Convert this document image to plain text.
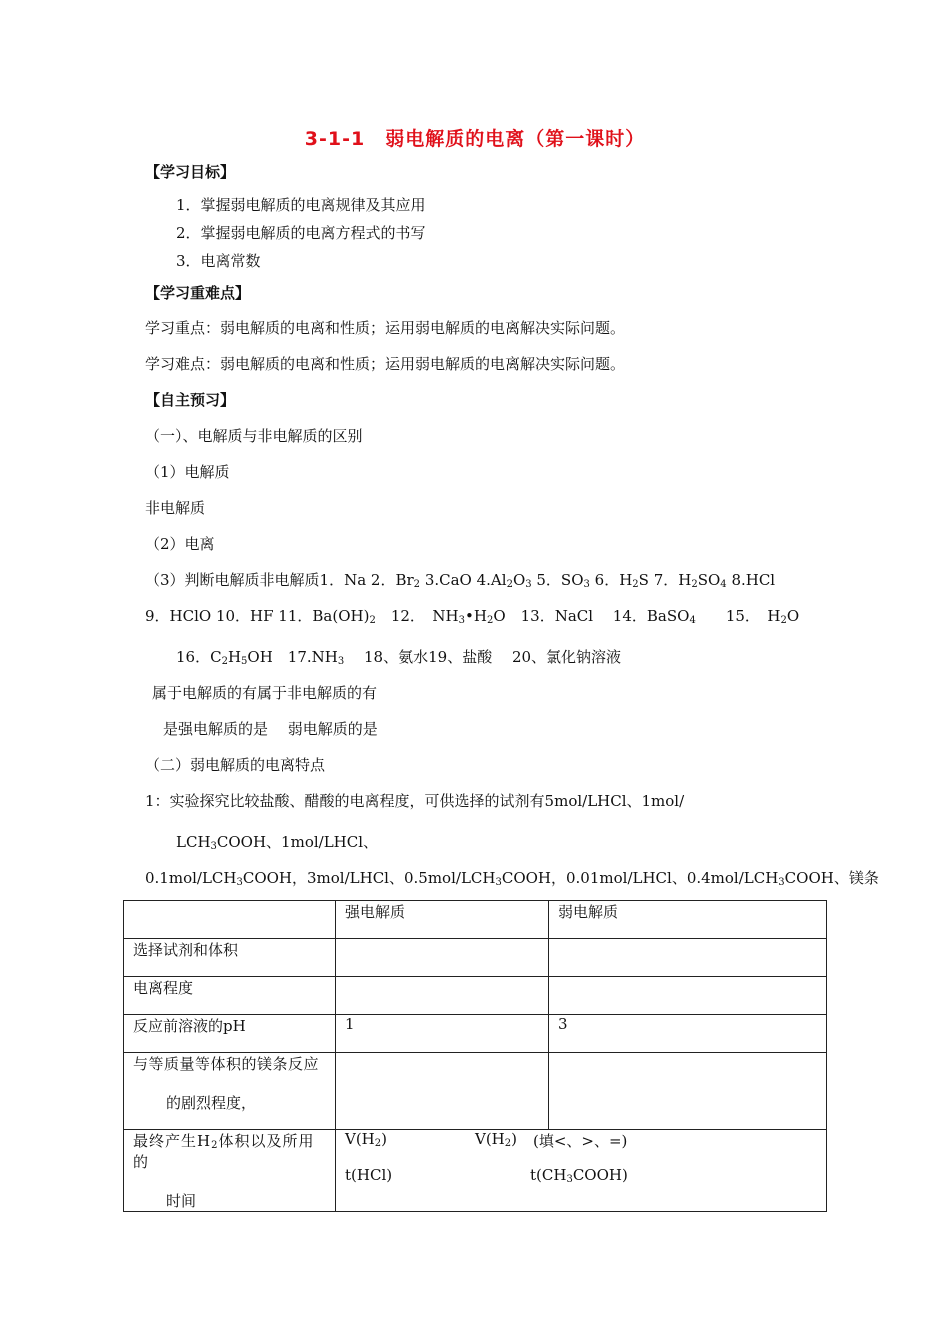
3-1-1　弱电解质的电离（第一课时）
【学习目标】
1．掌握弱电解质的电离规律及其应用
2．掌握弱电解质的电离方程式的书写
3．电离常数
【学习重难点】
学习重点：弱电解质的电离和性质；运用弱电解质的电离解决实际问题。
学习难点：弱电解质的电离和性质；运用弱电解质的电离解决实际问题。
【自主预习】
（一）、电解质与非电解质的区别
（1）电解质
非电解质
（2）电离
（3）判断电解质非电解质1．Na 2．$Br_2$ 3.CaO $4.Al_2O_3$ 5．$SO_3$ 6．$H_2S$ 7．$H_2SO_4$ 8.HCl
9．HClO 10．HF 11．$Ba(OH)_2$　12．　$NH_3•H_2O$　13．NaCl　 14．BaSO$_4$　　15．　$H_2O$
16．$C_2H_5OH$　$17.NH_3$　 18、氨水19、盐酸　 20、氯化钠溶液
属于电解质的有属于非电解质的有
是强电解质的是　 弱电解质的是
（二）弱电解质的电离特点
1：实验探究比较盐酸、醋酸的电离程度，可供选择的试剂有5mol/LHCl、1mol/
$LCH_3COOH$、1mol/LHCl、
$0.1mol/LCH_3COOH$，3mol/LHCl、$0.5mol/LCH_3COOH$，0.01mol/LHCl、$0.4mol/LCH_3COOH$、镁条
	强电解质	弱电解质
选择试剂和体积		
电离程度		
反应前溶液的pH	1	3

与等质量等体积的镁条反应
的剧烈程度，		

最终产生$H_2$体积以及所用的
时间	$V(H_2)$ $V(H_2)$ (填<、>、=)
t(HCl) $t(CH_3COOH)$	
